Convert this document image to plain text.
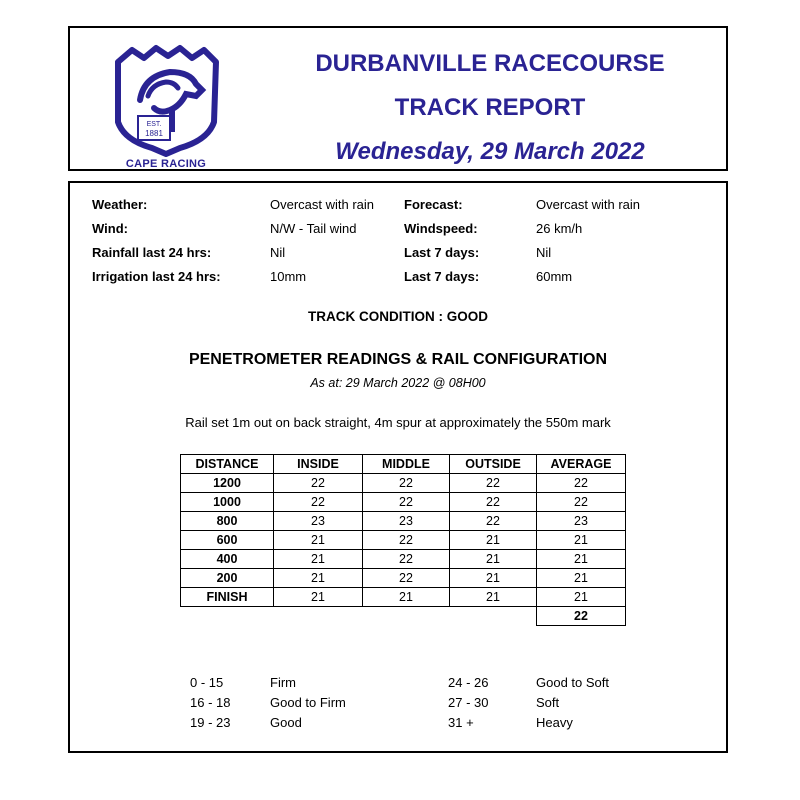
EST.
1881
CAPE RACING
DURBANVILLE RACECOURSE
TRACK REPORT
Wednesday, 29 March 2022
Weather:	Overcast with rain Forecast:	Overcast with rain
Wind:	N/W - Tail wind	Windspeed:	26 km/h
Rainfall last 24 hrs:	Nil	Last 7 days:	Nil
Irrigation last 24 hrs:	10mm	Last 7 days:	60mm
TRACK CONDITION : GOOD
PENETROMETER READINGS & RAIL CONFIGURATION
As at: 29 March 2022 @ 08H00
Rail set 1m out on back straight, 4m spur at approximately the 550m mark
DISTANCE	INSIDE	MIDDLE	OUTSIDE	AVERAGE
1200	22	22	22	22
1000	22	22	22	22
800	23	23	22	23
600	21	22	21	21
400	21	22	21	21
200	21	22	21	21
FINISH	21	21	21	21
				22
0 - 15	Firm
16 - 18	Good to Firm
19 - 23	Good
24 - 26	Good to Soft
27 - 30	Soft
31 +	Heavy
